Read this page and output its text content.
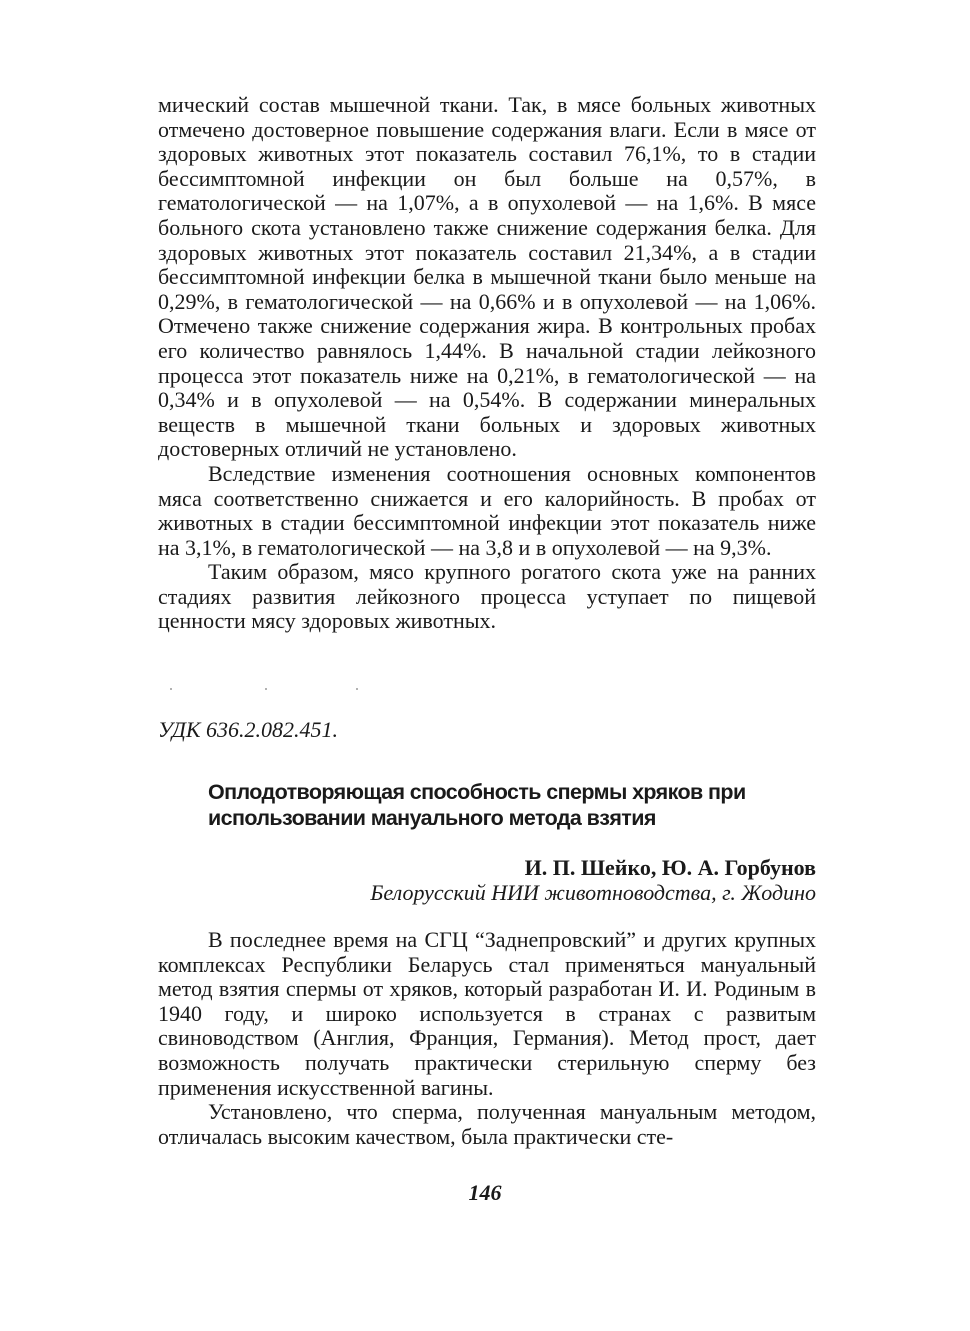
мический состав мышечной ткани. Так, в мясе больных животных отмечено достоверное повышение содержания влаги. Если в мясе от здоровых животных этот показатель составил 76,1%, то в стадии бессимптомной инфекции он был больше на 0,57%, в гематологической — на 1,07%, а в опухолевой — на 1,6%. В мясе больного скота установлено также снижение содержания белка. Для здоровых животных этот показатель составил 21,34%, а в стадии бессимптомной инфекции белка в мышечной ткани было меньше на 0,29%, в гематологической — на 0,66% и в опухолевой — на 1,06%. Отмечено также снижение содержания жира. В контрольных пробах его количество равнялось 1,44%. В начальной стадии лейкозного процесса этот показатель ниже на 0,21%, в гематологической — на 0,34% и в опухолевой — на 0,54%. В содержании минеральных веществ в мышечной ткани больных и здоровых животных достоверных отличий не установлено.

Вследствие изменения соотношения основных компонентов мяса соответственно снижается и его калорийность. В пробах от животных в стадии бессимптомной инфекции этот показатель ниже на 3,1%, в гематологической — на 3,8 и в опухолевой — на 9,3%.

Таким образом, мясо крупного рогатого скота уже на ранних стадиях развития лейкозного процесса уступает по пищевой ценности мясу здоровых животных.

УДК 636.2.082.451.

Оплодотворяющая способность спермы хряков при использовании мануального метода взятия

И. П. Шейко, Ю. А. Горбунов

Белорусский НИИ животноводства, г. Жодино

В последнее время на СГЦ “Заднепровский” и других крупных комплексах Республики Беларусь стал применяться мануальный метод взятия спермы от хряков, который разработан И. И. Родиным в 1940 году, и широко используется в странах с развитым свиноводством (Англия, Франция, Германия). Метод прост, дает возможность получать практически стерильную сперму без применения искусственной вагины.

Установлено, что сперма, полученная мануальным методом, отличалась высоким качеством, была практически сте-

146
